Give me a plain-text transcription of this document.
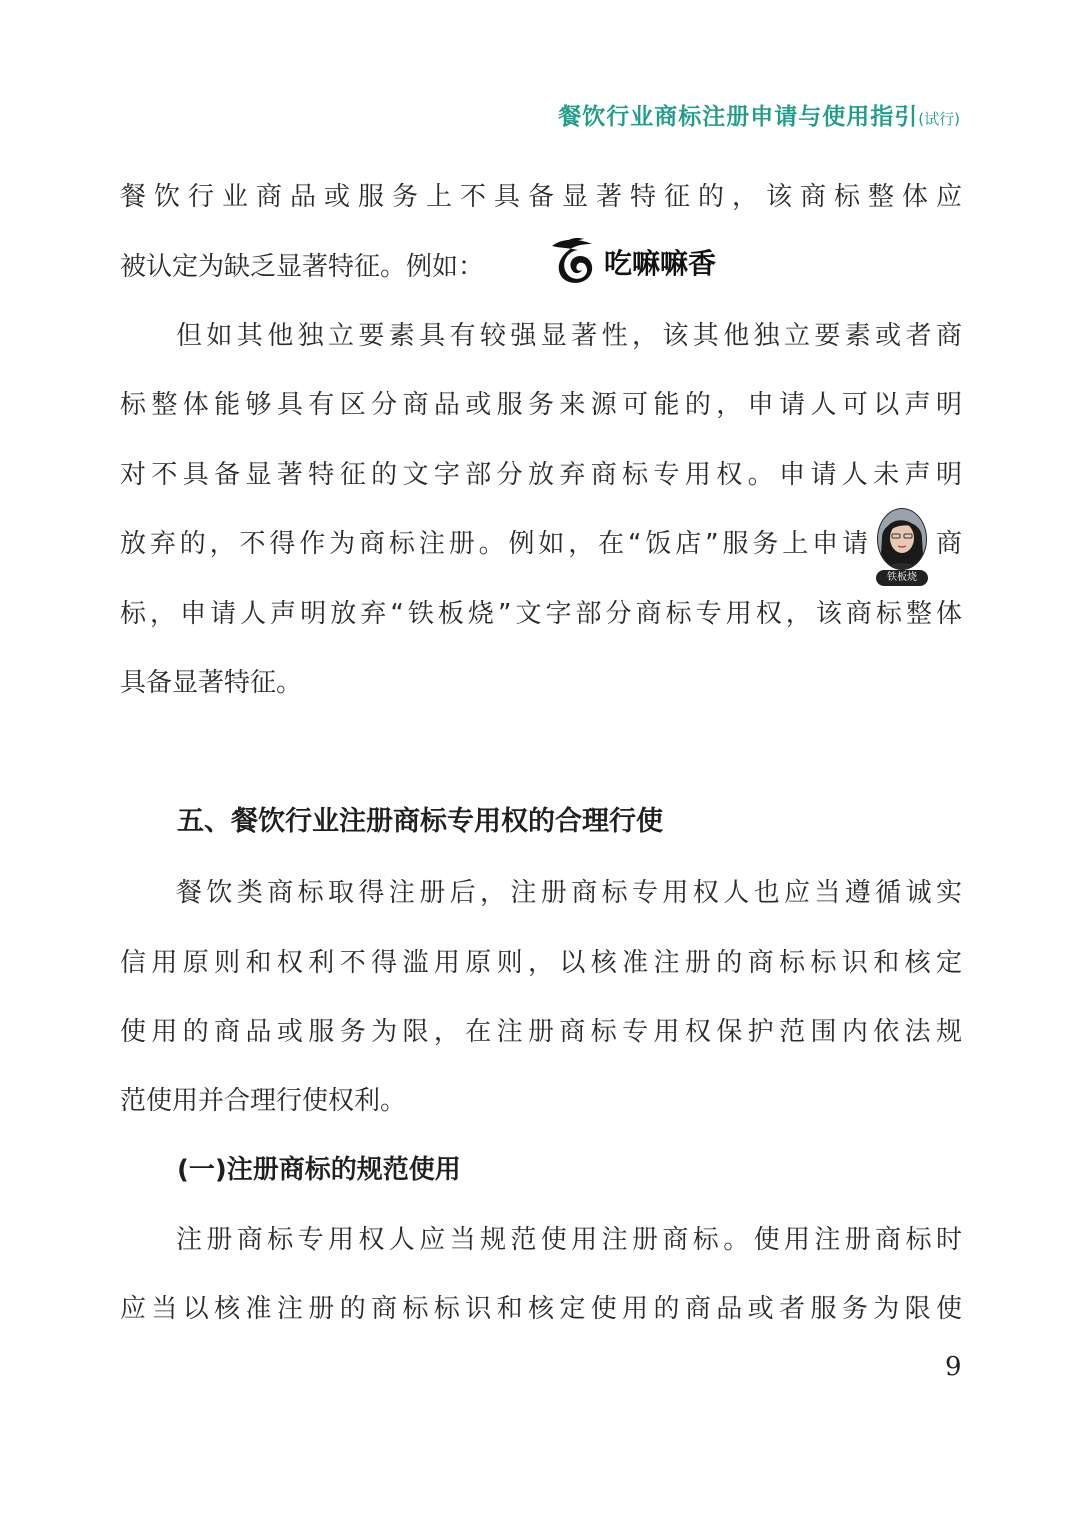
餐饮行业商标注册申请与使用指引(试行)
餐饮行业商品或服务上不具备显著特征的，该商标整体应
被认定为缺乏显著特征。例如：	吃嘛嘛香
但如其他独立要素具有较强显著性，该其他独立要素或者商
标整体能够具有区分商品或服务来源可能的，申请人可以声明
对不具备显著特征的文字部分放弃商标专用权。申请人未声明
放弃的，不得作为商标注册。例如，在“饭店”服务上申请	商
铁板烧
标，申请人声明放弃“铁板烧”文字部分商标专用权，该商标整体
具备显著特征。
五、餐饮行业注册商标专用权的合理行使
餐饮类商标取得注册后，注册商标专用权人也应当遵循诚实
信用原则和权利不得滥用原则，以核准注册的商标标识和核定
使用的商品或服务为限，在注册商标专用权保护范围内依法规
范使用并合理行使权利。
(一)注册商标的规范使用
注册商标专用权人应当规范使用注册商标。使用注册商标时
应当以核准注册的商标标识和核定使用的商品或者服务为限使
9
